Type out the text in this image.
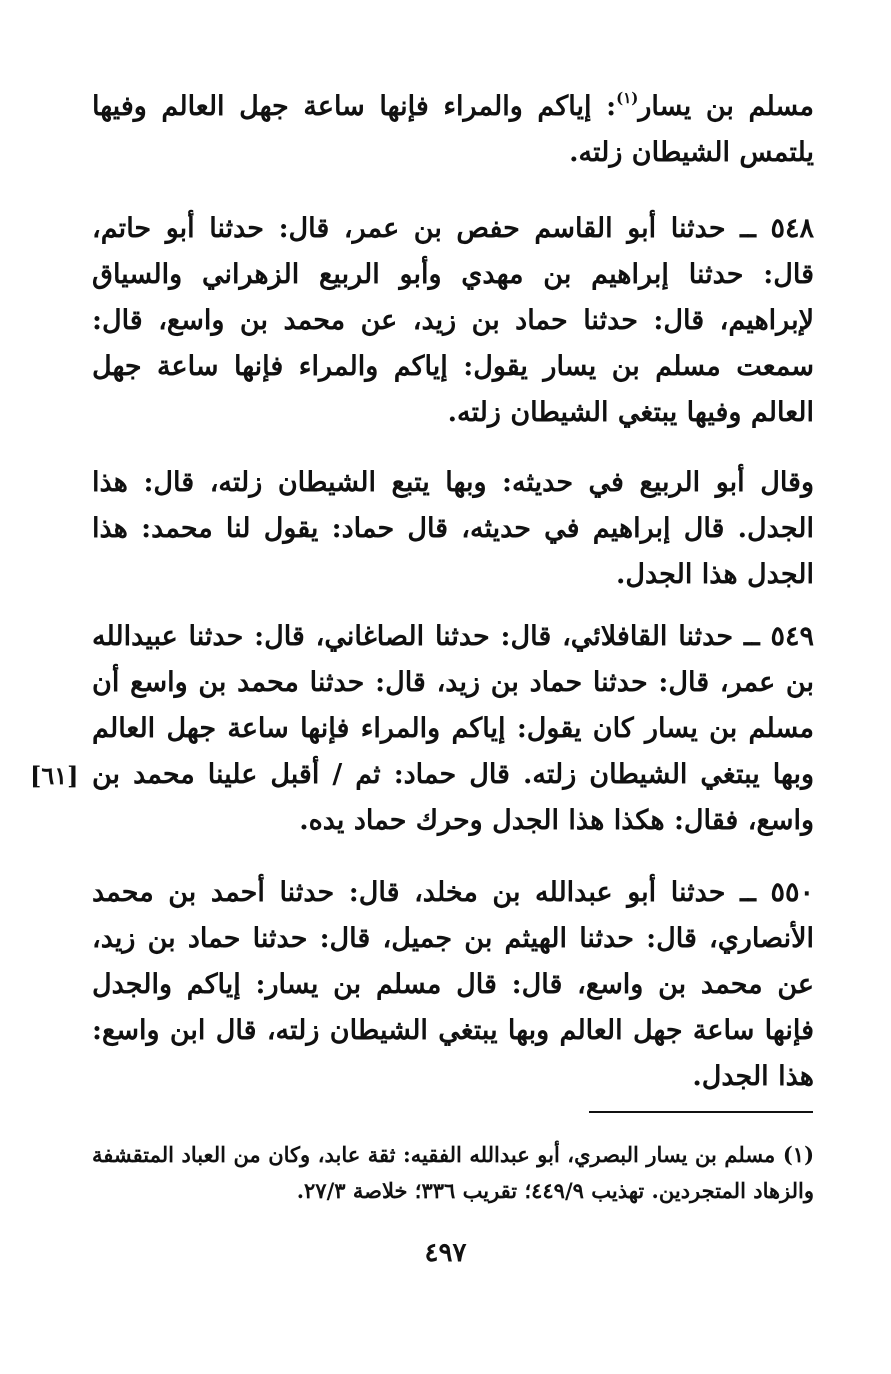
مسلم بن يسار$^{(١)}$: إياكم والمراء فإنها ساعة جهل العالم وفيها يلتمس الشيطان زلته.
٥٤٨ ــ حدثنا أبو القاسم حفص بن عمر، قال: حدثنا أبو حاتم، قال: حدثنا إبراهيم بن مهدي وأبو الربيع الزهراني والسياق لإبراهيم، قال: حدثنا حماد بن زيد، عن محمد بن واسع، قال: سمعت مسلم بن يسار يقول: إياكم والمراء فإنها ساعة جهل العالم وفيها يبتغي الشيطان زلته.
وقال أبو الربيع في حديثه: وبها يتبع الشيطان زلته، قال: هذا الجدل. قال إبراهيم في حديثه، قال حماد: يقول لنا محمد: هذا الجدل هذا الجدل.
٥٤٩ ــ حدثنا القافلائي، قال: حدثنا الصاغاني، قال: حدثنا عبيدالله بن عمر، قال: حدثنا حماد بن زيد، قال: حدثنا محمد بن واسع أن مسلم بن يسار كان يقول: إياكم والمراء فإنها ساعة جهل العالم وبها يبتغي الشيطان زلته. قال حماد: ثم / أقبل علينا محمد بن واسع، فقال: هكذا هذا الجدل وحرك حماد يده.
[٦١]
٥٥٠ ــ حدثنا أبو عبدالله بن مخلد، قال: حدثنا أحمد بن محمد الأنصاري، قال: حدثنا الهيثم بن جميل، قال: حدثنا حماد بن زيد، عن محمد بن واسع، قال: قال مسلم بن يسار: إياكم والجدل فإنها ساعة جهل العالم وبها يبتغي الشيطان زلته، قال ابن واسع: هذا الجدل.
(١) مسلم بن يسار البصري، أبو عبدالله الفقيه: ثقة عابد، وكان من العباد المتقشفة والزهاد المتجردين. تهذيب ٤٤٩/٩؛ تقريب ٣٣٦؛ خلاصة ٢٧/٣.
٤٩٧
